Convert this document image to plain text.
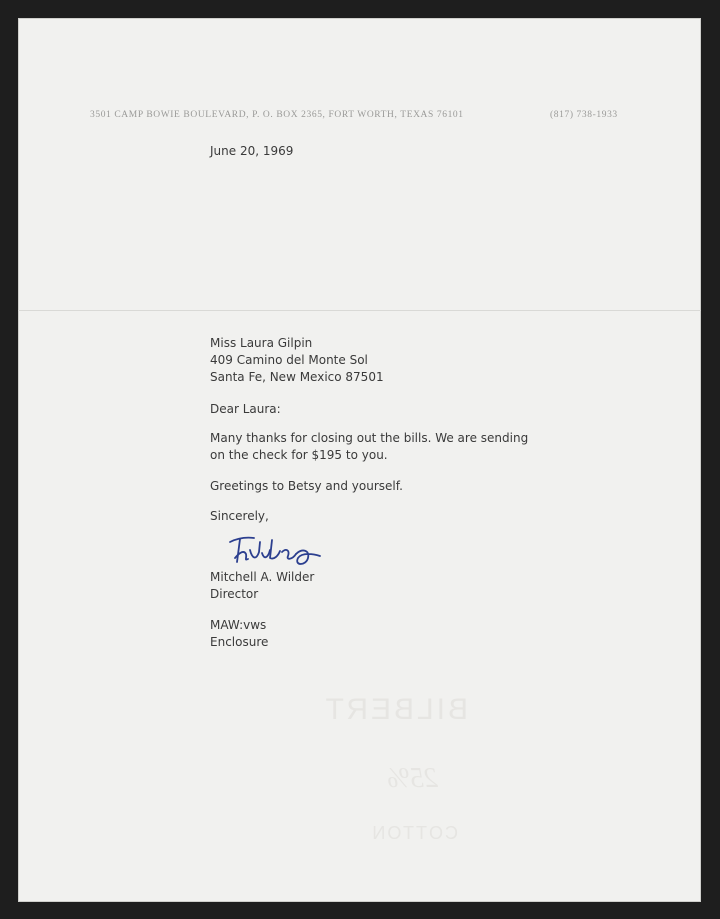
3501 CAMP BOWIE BOULEVARD, P. O. BOX 2365, FORT WORTH, TEXAS 76101	(817) 738-1933
June 20, 1969
Miss Laura Gilpin
409 Camino del Monte Sol
Santa Fe, New Mexico 87501
Dear Laura:
Many thanks for closing out the bills. We are sending
on the check for $195 to you.
Greetings to Betsy and yourself.
Sincerely,
Mitchell A. Wilder
Director
MAW:vws
Enclosure
BILBERT
25%
COTTON
